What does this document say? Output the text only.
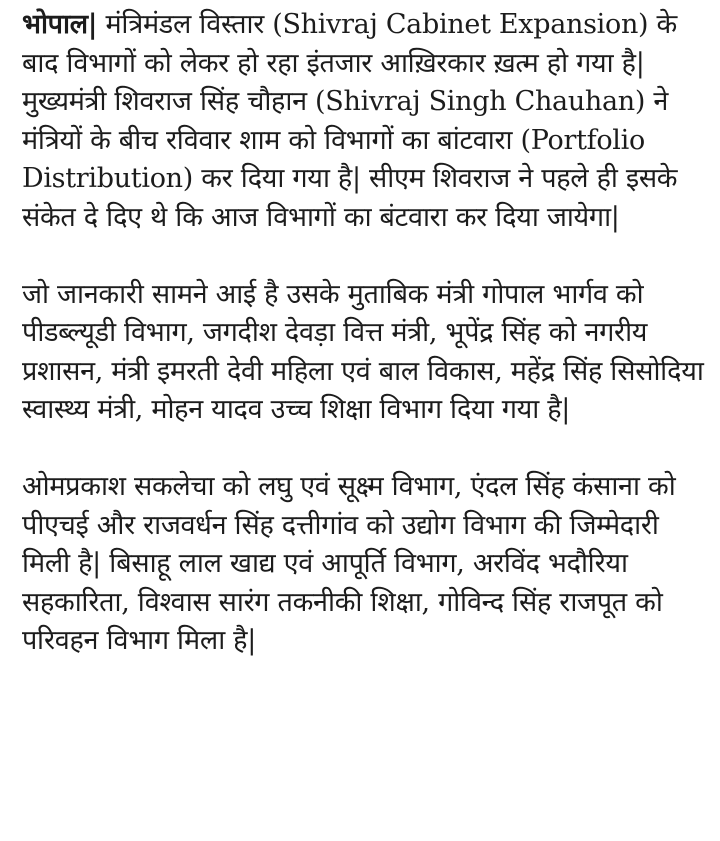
भोपाल| मंत्रिमंडल विस्तार (Shivraj Cabinet Expansion) के बाद विभागों को लेकर हो रहा इंतजार आख़िरकार ख़त्म हो गया है| मुख्यमंत्री शिवराज सिंह चौहान (Shivraj Singh Chauhan) ने मंत्रियों के बीच रविवार शाम को विभागों का बांटवारा (Portfolio Distribution) कर दिया गया है| सीएम शिवराज ने पहले ही इसके संकेत दे दिए थे कि आज विभागों का बंटवारा कर दिया जायेगा|

जो जानकारी सामने आई है उसके मुताबिक मंत्री गोपाल भार्गव को पीडब्ल्यूडी विभाग, जगदीश देवड़ा वित्त मंत्री, भूपेंद्र सिंह को नगरीय प्रशासन, मंत्री इमरती देवी महिला एवं बाल विकास, महेंद्र सिंह सिसोदिया स्वास्थ्य मंत्री, मोहन यादव उच्च शिक्षा विभाग दिया गया है|

ओमप्रकाश सकलेचा को लघु एवं सूक्ष्म विभाग, एंदल सिंह कंसाना को पीएचई और राजवर्धन सिंह दत्तीगांव को उद्योग विभाग की जिम्मेदारी मिली है| बिसाहू लाल खाद्य एवं आपूर्ति विभाग, अरविंद भदौरिया सहकारिता, विश्वास सारंग तकनीकी शिक्षा, गोविन्द सिंह राजपूत को परिवहन विभाग मिला है|
